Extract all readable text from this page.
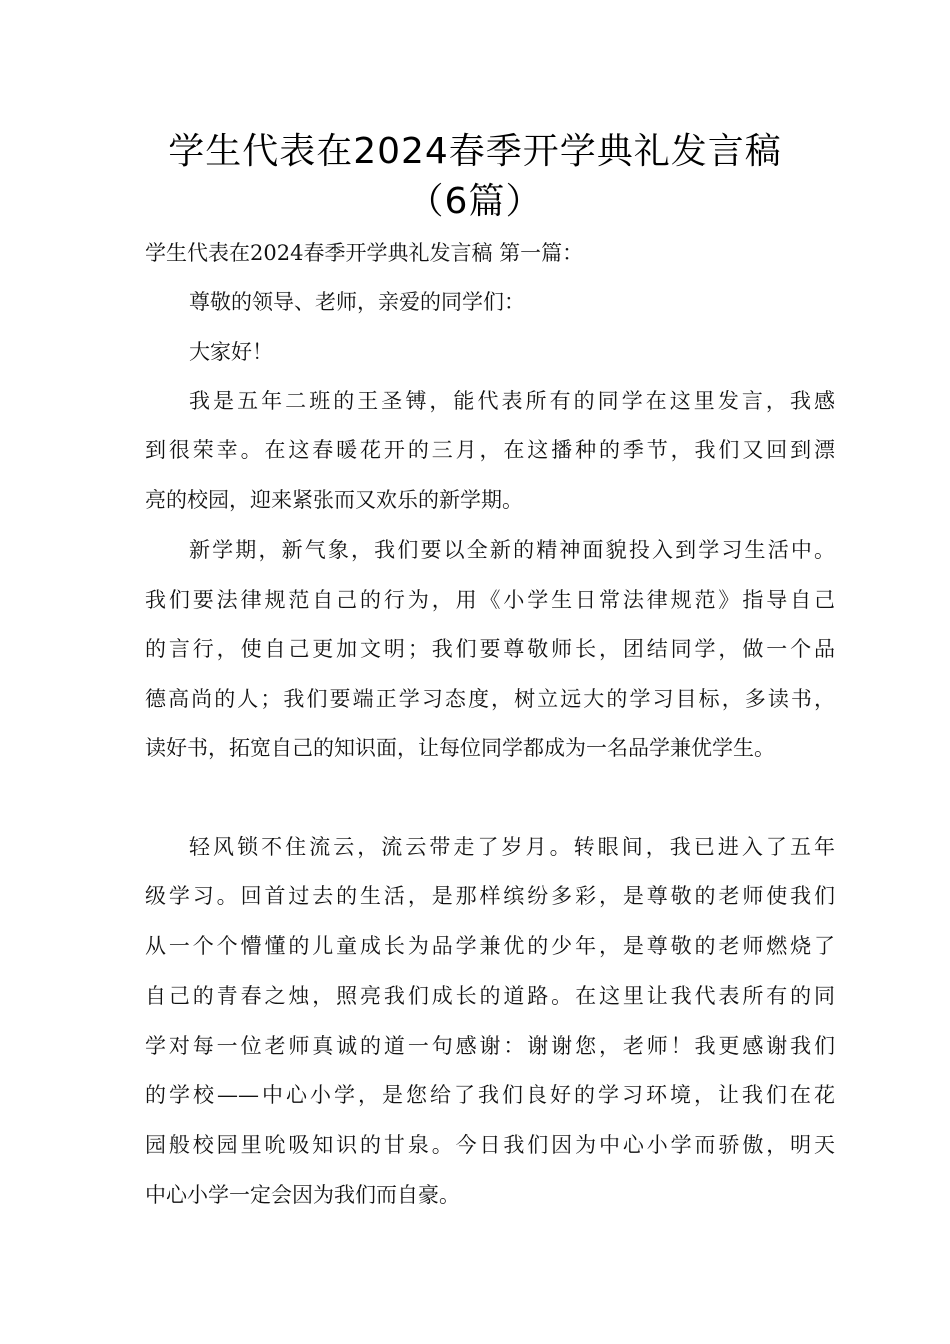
学生代表在2024春季开学典礼发言稿
（6篇）
学生代表在2024春季开学典礼发言稿 第一篇：
尊敬的领导、老师，亲爱的同学们：
大家好！
我是五年二班的王圣镈，能代表所有的同学在这里发言，我感
到很荣幸。在这春暖花开的三月，在这播种的季节，我们又回到漂
亮的校园，迎来紧张而又欢乐的新学期。
新学期，新气象，我们要以全新的精神面貌投入到学习生活中。
我们要法律规范自己的行为，用《小学生日常法律规范》指导自己
的言行，使自己更加文明；我们要尊敬师长，团结同学，做一个品
德高尚的人；我们要端正学习态度，树立远大的学习目标，多读书，
读好书，拓宽自己的知识面，让每位同学都成为一名品学兼优学生。
轻风锁不住流云，流云带走了岁月。转眼间，我已进入了五年
级学习。回首过去的生活，是那样缤纷多彩，是尊敬的老师使我们
从一个个懵懂的儿童成长为品学兼优的少年，是尊敬的老师燃烧了
自己的青春之烛，照亮我们成长的道路。在这里让我代表所有的同
学对每一位老师真诚的道一句感谢：谢谢您，老师！我更感谢我们
的学校——中心小学，是您给了我们良好的学习环境，让我们在花
园般校园里吮吸知识的甘泉。今日我们因为中心小学而骄傲，明天
中心小学一定会因为我们而自豪。
